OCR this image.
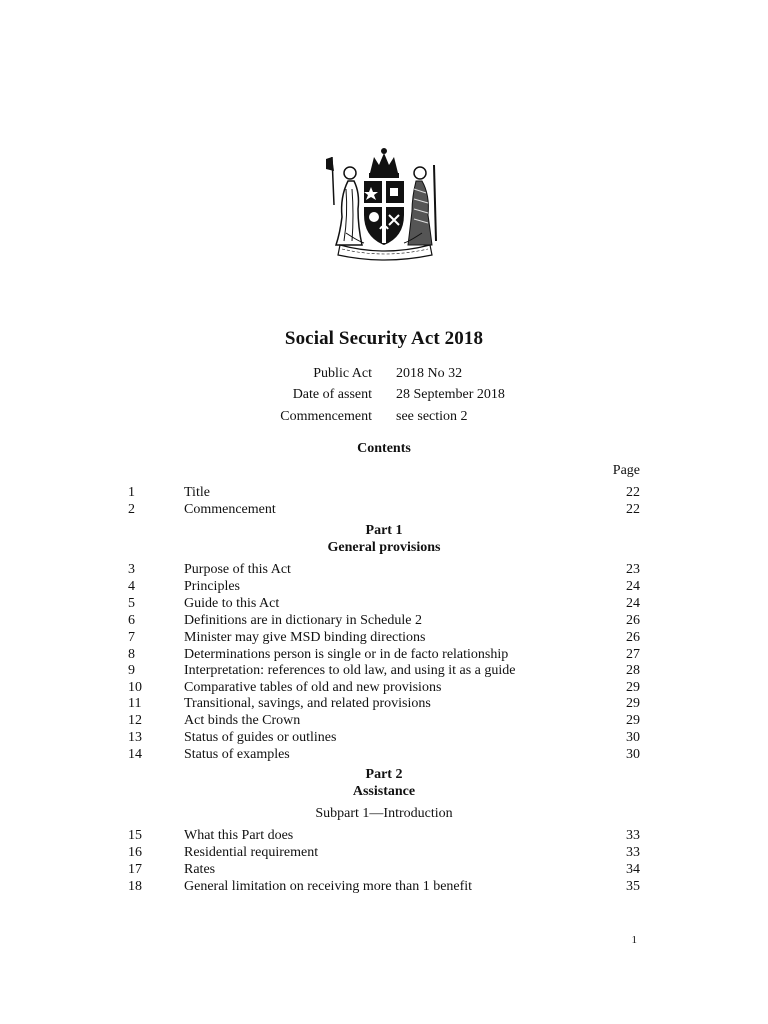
Social Security Act 2018
Public Act 2018 No 32
Date of assent 28 September 2018
Commencement see section 2
Contents
Page
1	Title	22
2	Commencement	22
Part 1
General provisions
3	Purpose of this Act	23
4	Principles	24
5	Guide to this Act	24
6	Definitions are in dictionary in Schedule 2	26
7	Minister may give MSD binding directions	26
8	Determinations person is single or in de facto relationship	27
9	Interpretation: references to old law, and using it as a guide	28
10	Comparative tables of old and new provisions	29
11	Transitional, savings, and related provisions	29
12	Act binds the Crown	29
13	Status of guides or outlines	30
14	Status of examples	30
Part 2
Assistance
Subpart 1—Introduction
15	What this Part does	33
16	Residential requirement	33
17	Rates	34
18	General limitation on receiving more than 1 benefit	35
1
